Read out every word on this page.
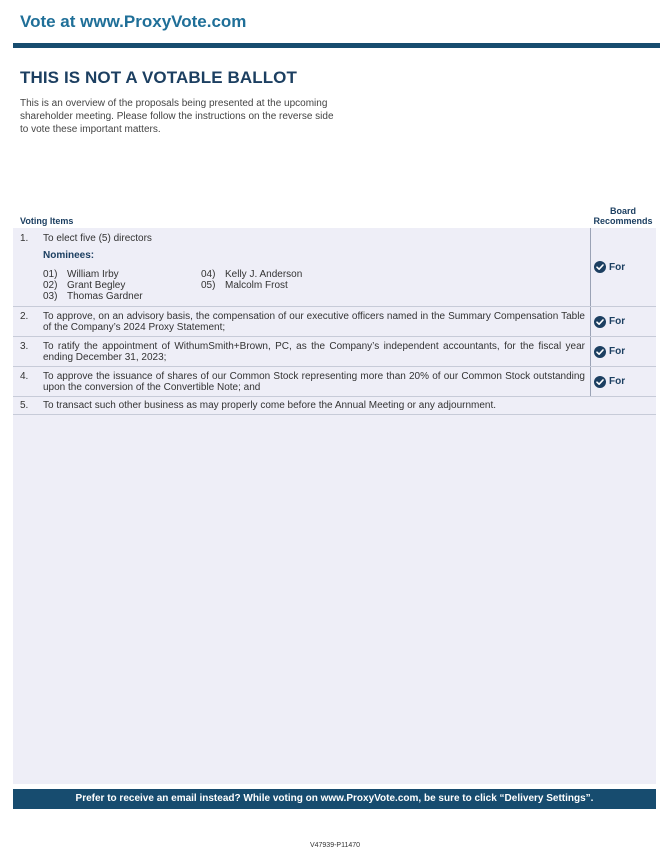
Vote at www.ProxyVote.com
THIS IS NOT A VOTABLE BALLOT
This is an overview of the proposals being presented at the upcoming shareholder meeting. Please follow the instructions on the reverse side to vote these important matters.
Voting Items
Board
Recommends
1. To elect five (5) directors
Nominees:
01) William Irby
02) Grant Begley
03) Thomas Gardner
04) Kelly J. Anderson
05) Malcolm Frost
For
2. To approve, on an advisory basis, the compensation of our executive officers named in the Summary Compensation Table of the Company’s 2024 Proxy Statement;
For
3. To ratify the appointment of WithumSmith+Brown, PC, as the Company’s independent accountants, for the fiscal year ending December 31, 2023;
For
4. To approve the issuance of shares of our Common Stock representing more than 20% of our Common Stock outstanding upon the conversion of the Convertible Note; and
For
5. To transact such other business as may properly come before the Annual Meeting or any adjournment.
Prefer to receive an email instead? While voting on www.ProxyVote.com, be sure to click “Delivery Settings”.
V47939-P11470
